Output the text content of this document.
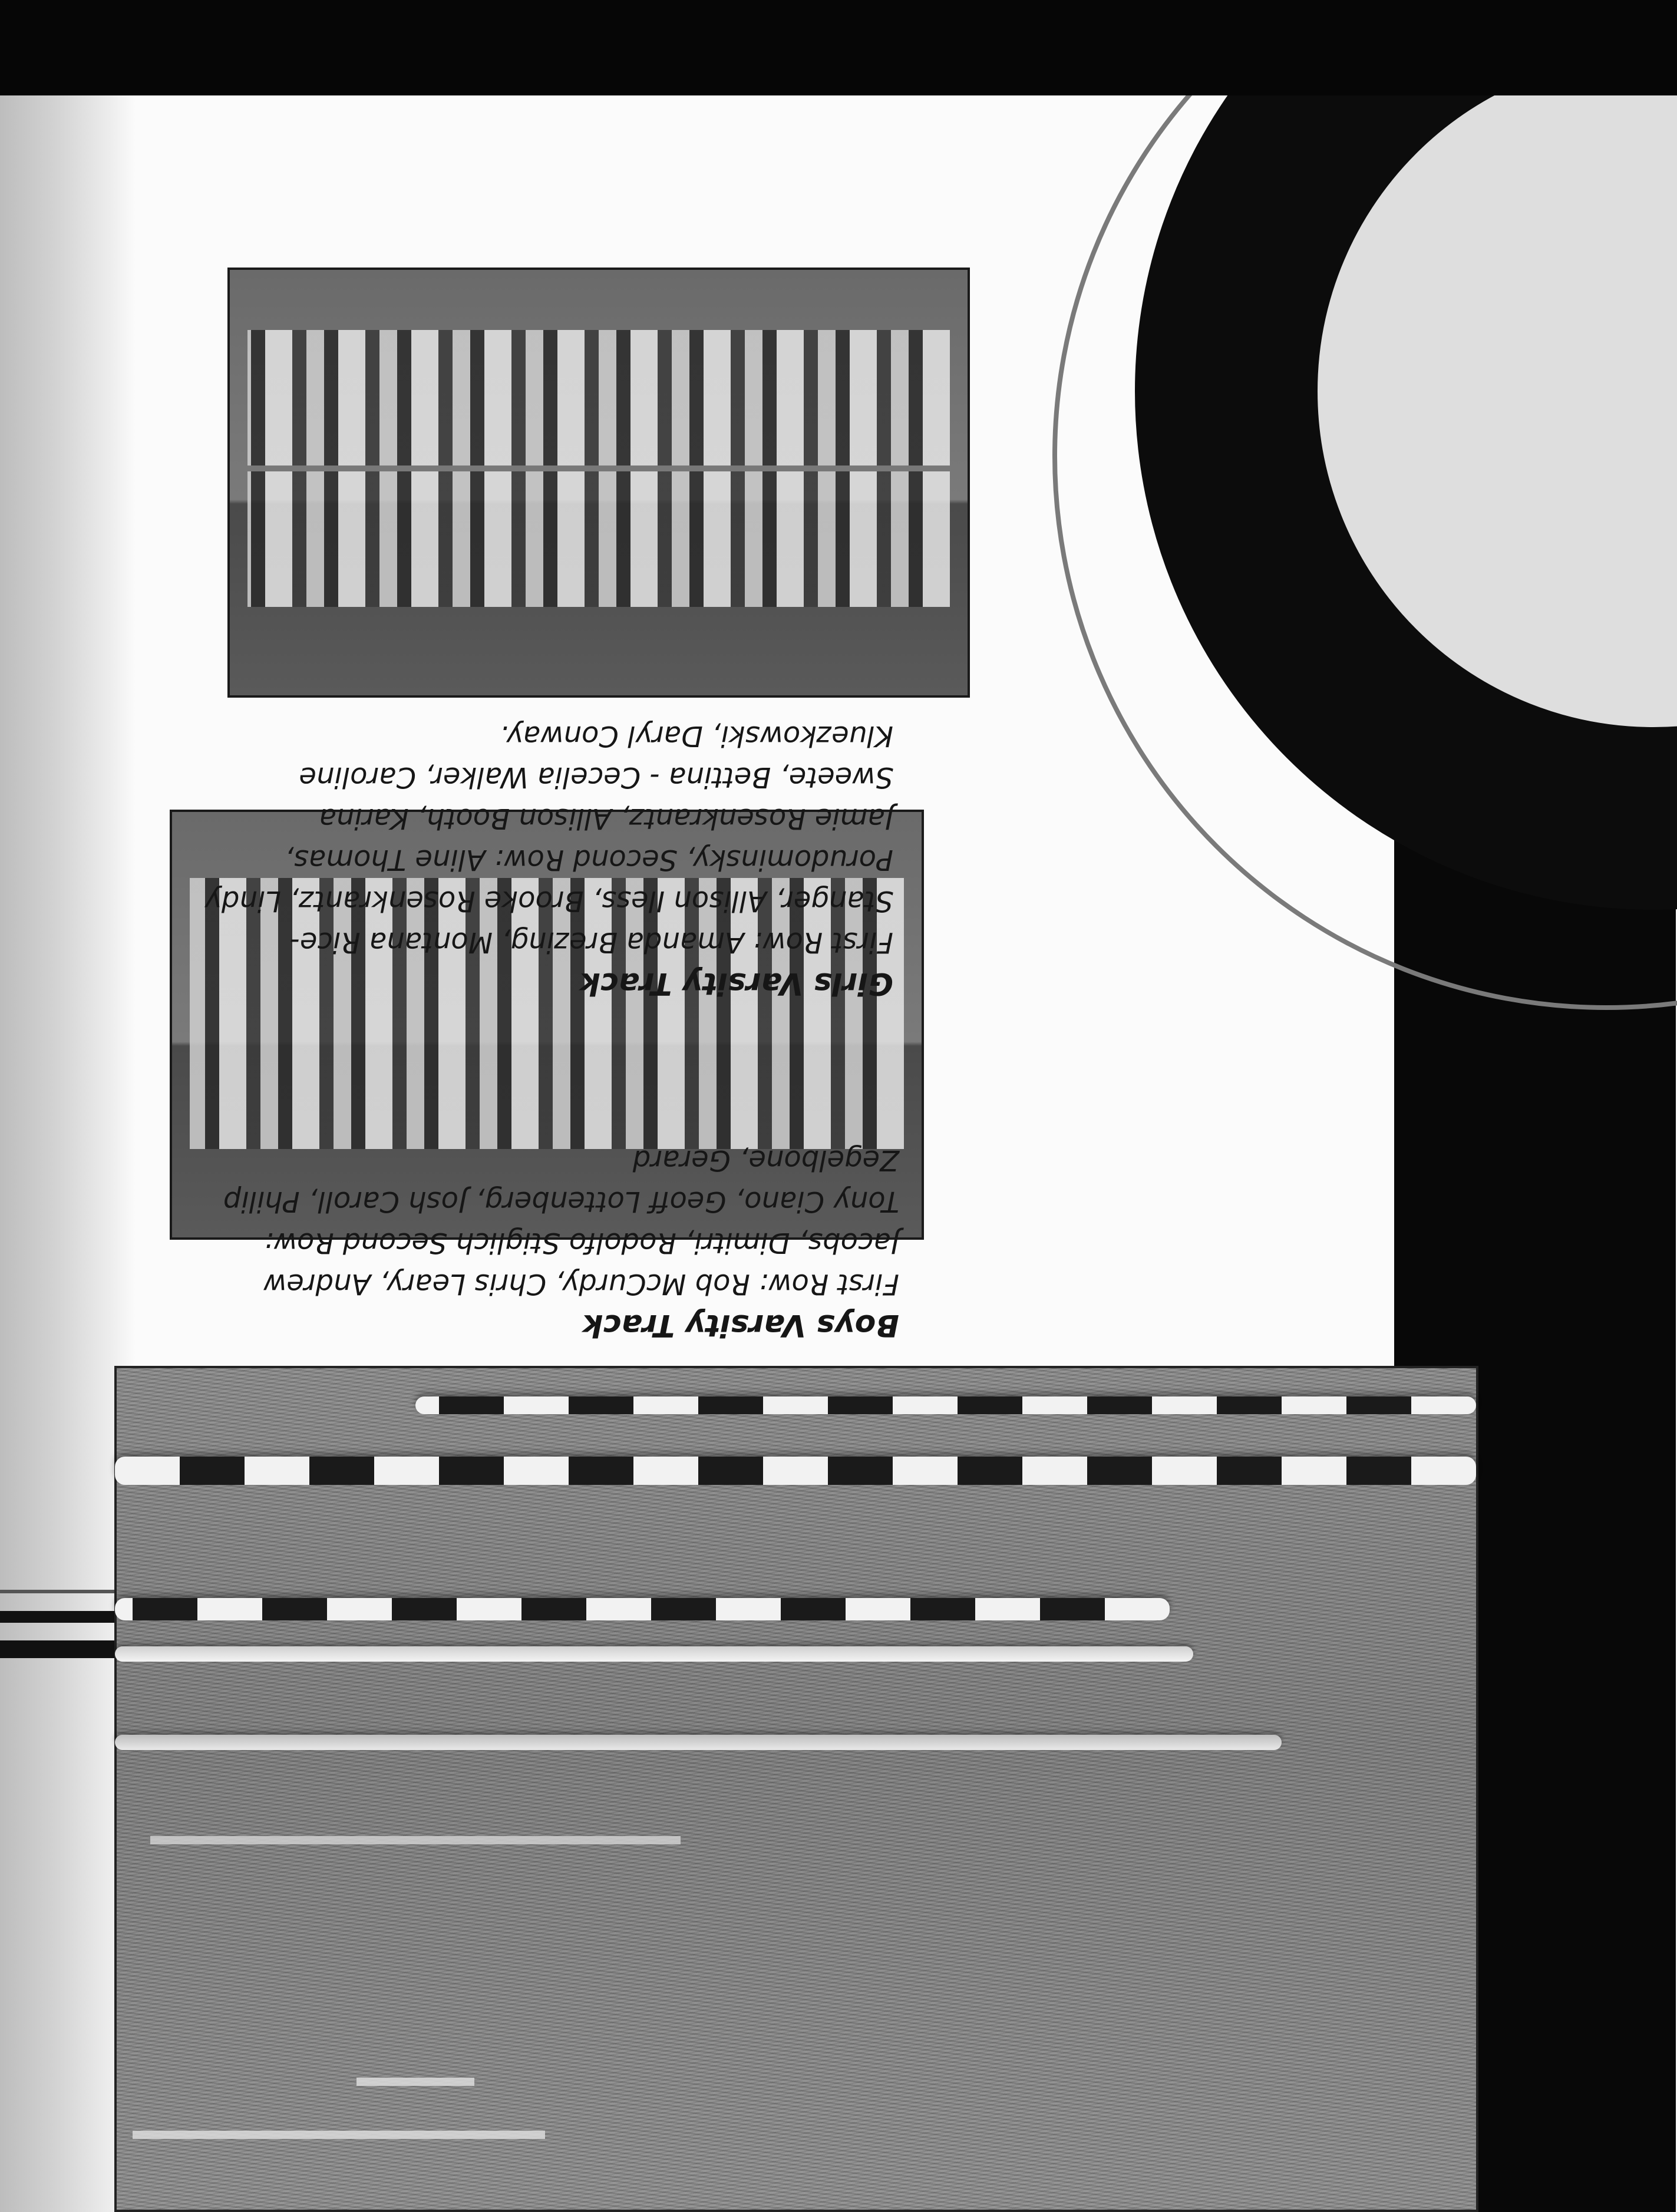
Boys Varsity Track
First Row: Rob McCurdy, Chris Leary, Andrew Jacobs, Dimitri, Rodolfo Stiglich Second Row: Tony Ciano, Geoff Lottenberg, Josh Caroll, Philip Zegelbone, Gerard
Girls Varsity Track
First Row: Amanda Brezing, Montana Rice-Stanger, Allison Iless, Brooke Rosenkrantz, Lindy Porudominsky, Second Row: Aline Thomas, Jamie Rosenkrantz, Allison Booth, Karina Sweete, Bettina - Cecelia Walker, Caroline Kluezkowski, Daryl Conway.
